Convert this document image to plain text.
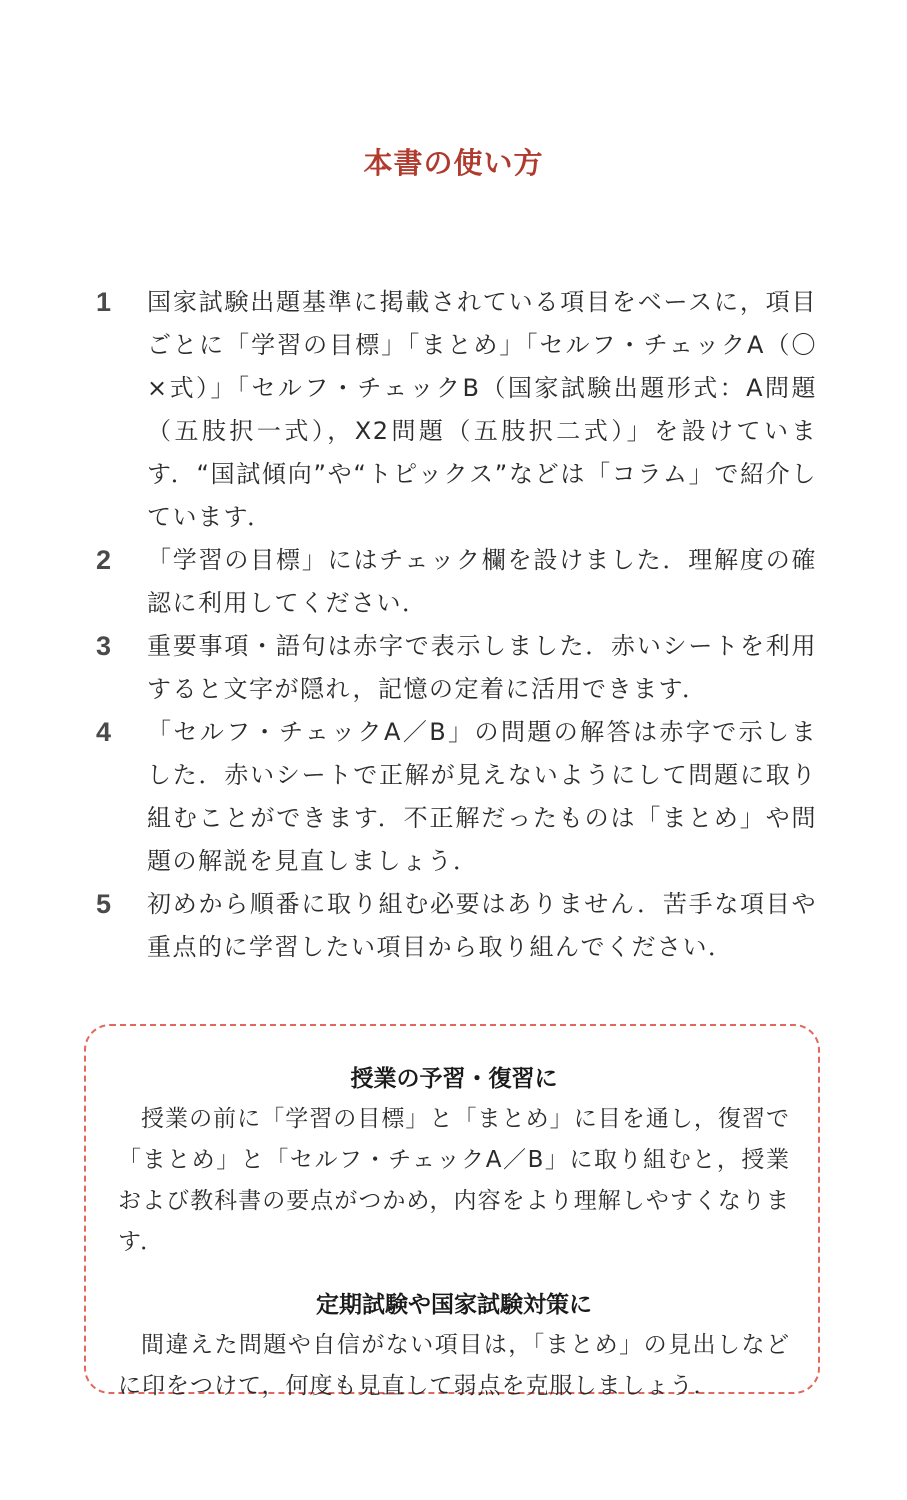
本書の使い方
1	国家試験出題基準に掲載されている項目をベースに，項目ごとに「学習の目標」「まとめ」「セルフ・チェックA（〇×式）」「セルフ・チェックB（国家試験出題形式：A問題（五肢択一式），X2問題（五肢択二式）」を設けています．“国試傾向”や“トピックス”などは「コラム」で紹介しています．
2	「学習の目標」にはチェック欄を設けました．理解度の確認に利用してください．
3	重要事項・語句は赤字で表示しました．赤いシートを利用すると文字が隠れ，記憶の定着に活用できます．
4	「セルフ・チェックA／B」の問題の解答は赤字で示しました．赤いシートで正解が見えないようにして問題に取り組むことができます．不正解だったものは「まとめ」や問題の解説を見直しましょう．
5	初めから順番に取り組む必要はありません．苦手な項目や重点的に学習したい項目から取り組んでください．
授業の予習・復習に

授業の前に「学習の目標」と「まとめ」に目を通し，復習で「まとめ」と「セルフ・チェックA／B」に取り組むと，授業および教科書の要点がつかめ，内容をより理解しやすくなります．

定期試験や国家試験対策に

間違えた問題や自信がない項目は，「まとめ」の見出しなどに印をつけて，何度も見直して弱点を克服しましょう．
